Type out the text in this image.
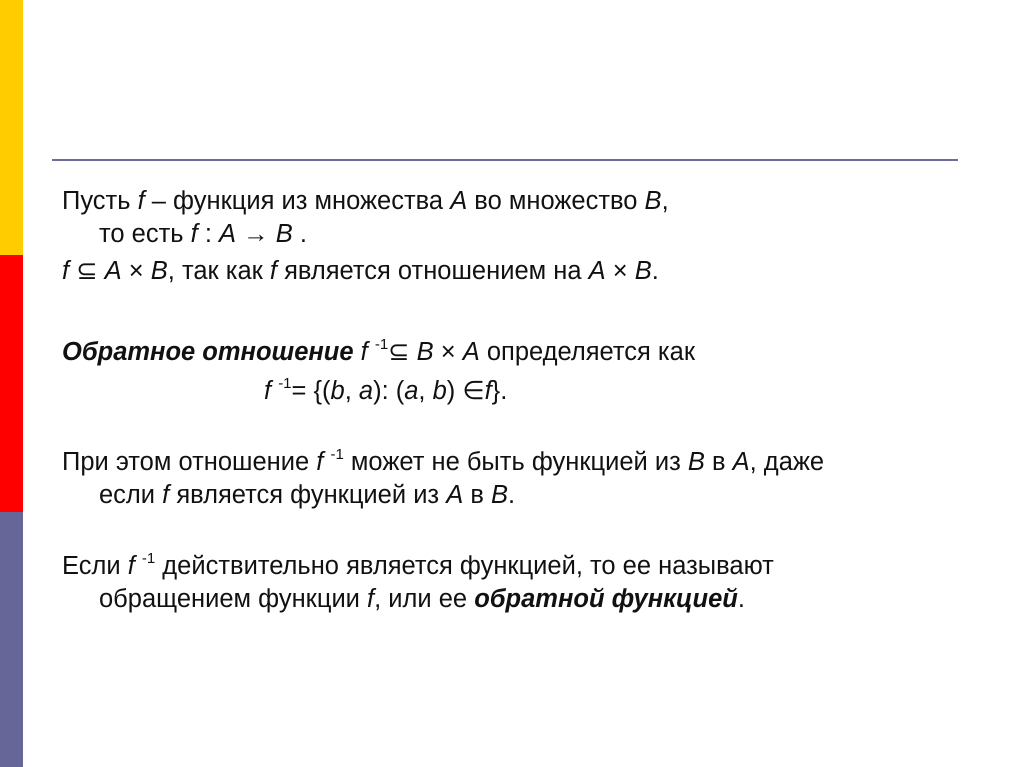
Пусть f – функция из множества A во множество B,

то есть f : A → B .

f ⊆ A × B, так как f является отношением на A × B.

Обратное отношение f $^{-1}$⊆ B × A определяется как

f $^{-1}$= {(b, a): (a, b) ∈f}.

При этом отношение f $^{-1}$ может не быть функцией из B в A, даже

если f является функцией из A в B.

Если f $^{-1}$ действительно является функцией, то ее называют

обращением функции f, или ее обратной функцией.
